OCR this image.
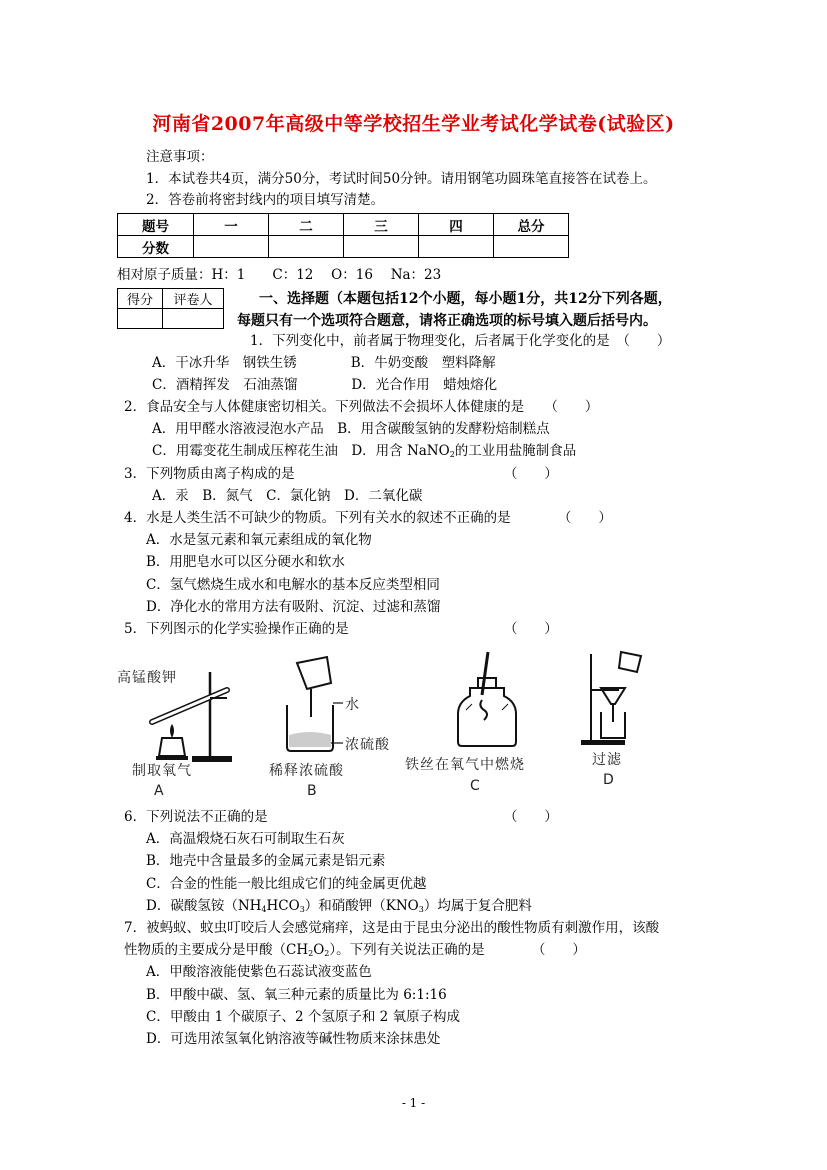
河南省2007年高级中等学校招生学业考试化学试卷(试验区)
注意事项：
1．本试卷共4页，满分50分，考试时间50分钟。请用钢笔功圆珠笔直接答在试卷上。
2．答卷前将密封线内的项目填写清楚。
题号	一	二	三	四	总分
分数					
相对原子质量：H：1　　C：12　 O：16　 Na：23
得分	评卷人
		一、选择题（本题包括12个小题，每小题1分，共12分下列各题，
每题只有一个选项符合题意，请将正确选项的标号填入题后括号内。
1．下列变化中，前者属于物理变化，后者属于化学变化的是　（　　）
A．干冰升华　钢铁生锈　　　　B．牛奶变酸　塑料降解
C．酒精挥发　石油蒸馏　　　　D．光合作用　蜡烛熔化
2．食品安全与人体健康密切相关。下列做法不会损坏人体健康的是　　（　　）
A．用甲醛水溶液浸泡水产品　B．用含碳酸氢钠的发酵粉焙制糕点
C．用霉变花生制成压榨花生油　D．用含 NaNO$_2$的工业用盐腌制食品
3．下列物质由离子构成的是　　　　　　　　　　　　　　　　（　　）
A．汞　B．氮气　C．氯化钠　D．二氧化碳
4．水是人类生活不可缺少的物质。下列有关水的叙述不正确的是　　　　（　　）
A．水是氢元素和氧元素组成的氧化物
B．用肥皂水可以区分硬水和软水
C．氢气燃烧生成水和电解水的基本反应类型相同
D．净化水的常用方法有吸附、沉淀、过滤和蒸馏
5．下列图示的化学实验操作正确的是　　　　　　　　　　　　（　　）
高锰酸钾
制取氧气
A
水
浓硫酸
稀释浓硫酸
B
铁丝在氧气中燃烧
C
过滤
D
6．下列说法不正确的是　　　　　　　　　　　　　　　　　　（　　）
A．高温煅烧石灰石可制取生石灰
B．地壳中含量最多的金属元素是铝元素
C．合金的性能一般比组成它们的纯金属更优越
D．碳酸氢铵$(NH_4HCO_3)$和硝酸钾$(KNO_3)$均属于复合肥料
7．被蚂蚁、蚊虫叮咬后人会感觉痛痒，这是由于昆虫分泌出的酸性物质有刺激作用，该酸
性物质的主要成分是甲酸$(CH_2O_2)$。下列有关说法正确的是　　　　（　　）
A．甲酸溶液能使紫色石蕊试液变蓝色
B．甲酸中碳、氢、氧三种元素的质量比为 6:1:16
C．甲酸由 1 个碳原子、2 个氢原子和 2 氧原子构成
D．可选用浓氢氧化钠溶液等碱性物质来涂抹患处
- 1 -
